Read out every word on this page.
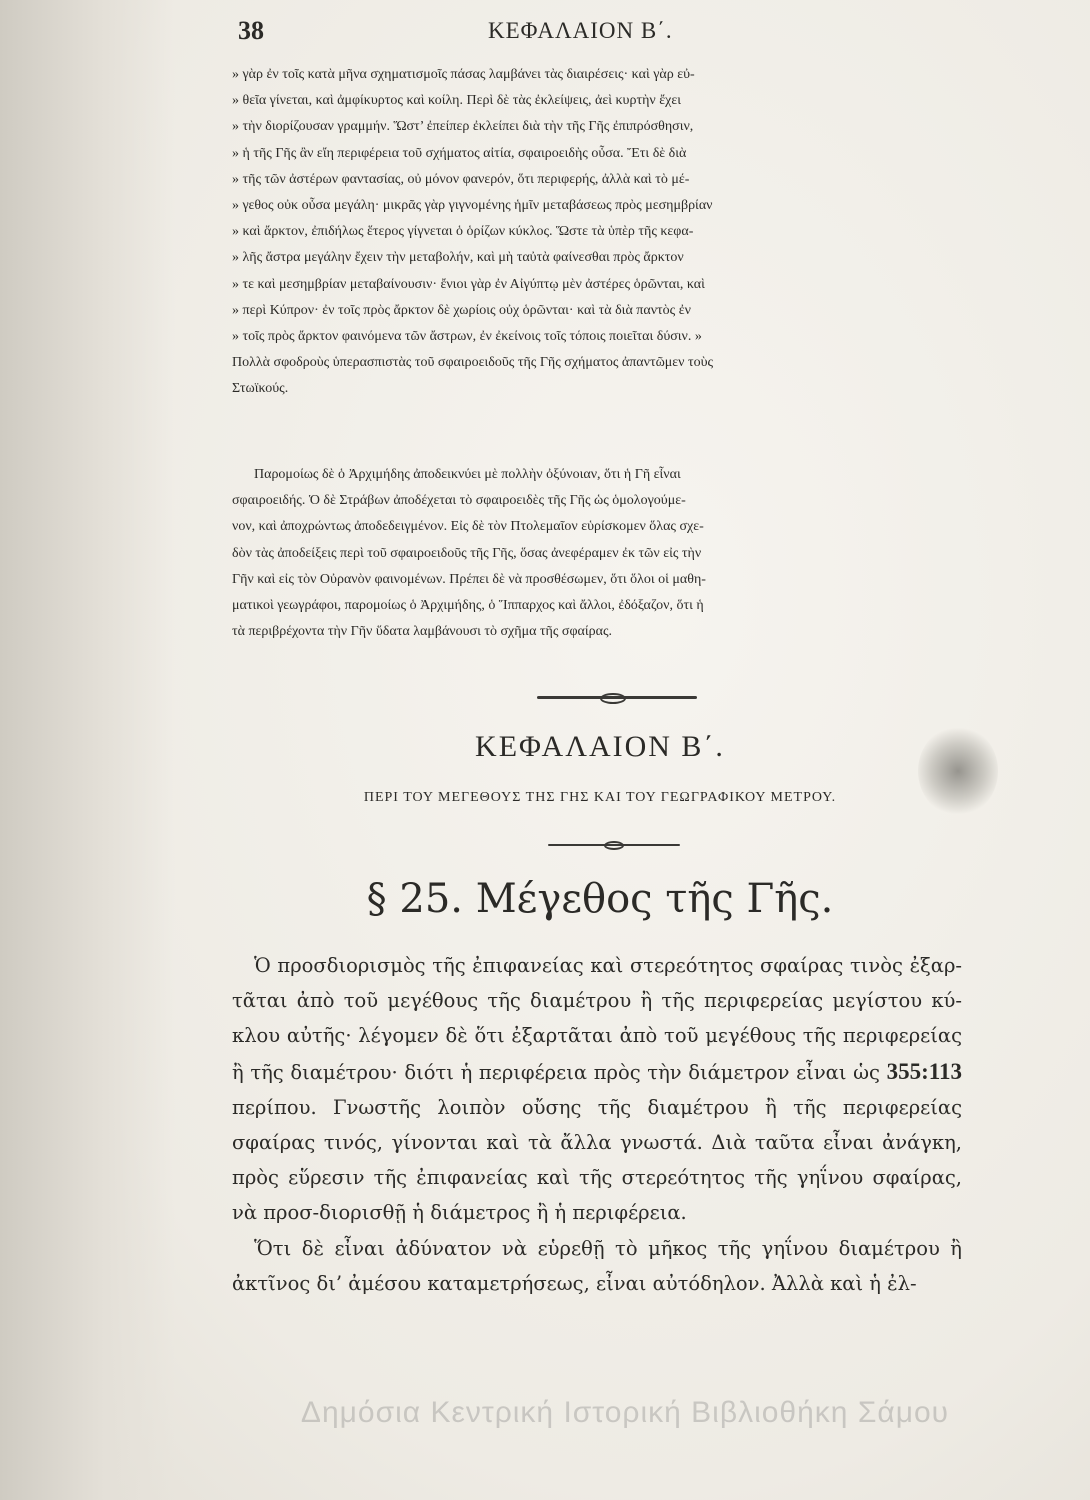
38	ΚΕΦΑΛΑΙΟΝ Β΄.

» γὰρ ἐν τοῖς κατὰ μῆνα σχηματισμοῖς πάσας λαμβάνει τὰς διαιρέσεις· καὶ γὰρ εὐ-

» θεῖα γίνεται, καὶ ἀμφίκυρτος καὶ κοίλη. Περὶ δὲ τὰς ἐκλείψεις, ἀεὶ κυρτὴν ἔχει

» τὴν διορίζουσαν γραμμήν. Ὥστ’ ἐπείπερ ἐκλείπει διὰ τὴν τῆς Γῆς ἐπιπρόσθησιν,

» ἡ τῆς Γῆς ἂν εἴη περιφέρεια τοῦ σχήματος αἰτία, σφαιροειδὴς οὖσα. Ἔτι δὲ διὰ

» τῆς τῶν ἀστέρων φαντασίας, οὐ μόνον φανερόν, ὅτι περιφερής, ἀλλὰ καὶ τὸ μέ-

» γεθος οὐκ οὖσα μεγάλη· μικρᾶς γὰρ γιγνομένης ἡμῖν μεταβάσεως πρὸς μεσημβρίαν

» καὶ ἄρκτον, ἐπιδήλως ἕτερος γίγνεται ὁ ὁρίζων κύκλος. Ὥστε τὰ ὑπὲρ τῆς κεφα-

» λῆς ἄστρα μεγάλην ἔχειν τὴν μεταβολήν, καὶ μὴ ταὐτὰ φαίνεσθαι πρὸς ἄρκτον

» τε καὶ μεσημβρίαν μεταβαίνουσιν· ἔνιοι γὰρ ἐν Αἰγύπτῳ μὲν ἀστέρες ὁρῶνται, καὶ

» περὶ Κύπρον· ἐν τοῖς πρὸς ἄρκτον δὲ χωρίοις οὐχ ὁρῶνται· καὶ τὰ διὰ παντὸς ἐν

» τοῖς πρὸς ἄρκτον φαινόμενα τῶν ἄστρων, ἐν ἐκείνοις τοῖς τόποις ποιεῖται δύσιν. »

Πολλὰ σφοδροὺς ὑπερασπιστὰς τοῦ σφαιροειδοῦς τῆς Γῆς σχήματος ἀπαντῶμεν τοὺς

Στωϊκούς.

Παρομοίως δὲ ὁ Ἀρχιμήδης ἀποδεικνύει μὲ πολλὴν ὀξύνοιαν, ὅτι ἡ Γῆ εἶναι

σφαιροειδής. Ὁ δὲ Στράβων ἀποδέχεται τὸ σφαιροειδὲς τῆς Γῆς ὡς ὁμολογούμε-

νον, καὶ ἀποχρώντως ἀποδεδειγμένον. Εἰς δὲ τὸν Πτολεμαῖον εὑρίσκομεν ὅλας σχε-

δὸν τὰς ἀποδείξεις περὶ τοῦ σφαιροειδοῦς τῆς Γῆς, ὅσας ἀνεφέραμεν ἐκ τῶν εἰς τὴν

Γῆν καὶ εἰς τὸν Οὐρανὸν φαινομένων. Πρέπει δὲ νὰ προσθέσωμεν, ὅτι ὅλοι οἱ μαθη-

ματικοὶ γεωγράφοι, παρομοίως ὁ Ἀρχιμήδης, ὁ Ἵππαρχος καὶ ἄλλοι, ἐδόξαζον, ὅτι ἡ

τὰ περιβρέχοντα τὴν Γῆν ὕδατα λαμβάνουσι τὸ σχῆμα τῆς σφαίρας.

ΚΕΦΑΛΑΙΟΝ Β΄.
ΠΕΡΙ ΤΟΥ ΜΕΓΕΘΟΥΣ ΤΗΣ ΓΗΣ ΚΑΙ ΤΟΥ ΓΕΩΓΡΑΦΙΚΟΥ ΜΕΤΡΟΥ.
§ 25. Μέγεθος τῆς Γῆς.

Ὁ προσδιορισμὸς τῆς ἐπιφανείας καὶ στερεότητος σφαίρας τινὸς ἐξαρ-τᾶται ἀπὸ τοῦ μεγέθους τῆς διαμέτρου ἢ τῆς περιφερείας μεγίστου κύ-κλου αὐτῆς· λέγομεν δὲ ὅτι ἐξαρτᾶται ἀπὸ τοῦ μεγέθους τῆς περιφερείας ἢ τῆς διαμέτρου· διότι ἡ περιφέρεια πρὸς τὴν διάμετρον εἶναι ὡς 355:113 περίπου. Γνωστῆς λοιπὸν οὔσης τῆς διαμέτρου ἢ τῆς περιφερείας σφαίρας τινός, γίνονται καὶ τὰ ἄλλα γνωστά. Διὰ ταῦτα εἶναι ἀνάγκη, πρὸς εὕρεσιν τῆς ἐπιφανείας καὶ τῆς στερεότητος τῆς γηΐνου σφαίρας, νὰ προσ-διορισθῇ ἡ διάμετρος ἢ ἡ περιφέρεια.

Ὅτι δὲ εἶναι ἀδύνατον νὰ εὑρεθῇ τὸ μῆκος τῆς γηΐνου διαμέτρου ἢ ἀκτῖνος δι’ ἀμέσου καταμετρήσεως, εἶναι αὐτόδηλον. Ἀλλὰ καὶ ἡ ἐλ-

Δημόσια Κεντρική Ιστορική Βιβλιοθήκη Σάμου
